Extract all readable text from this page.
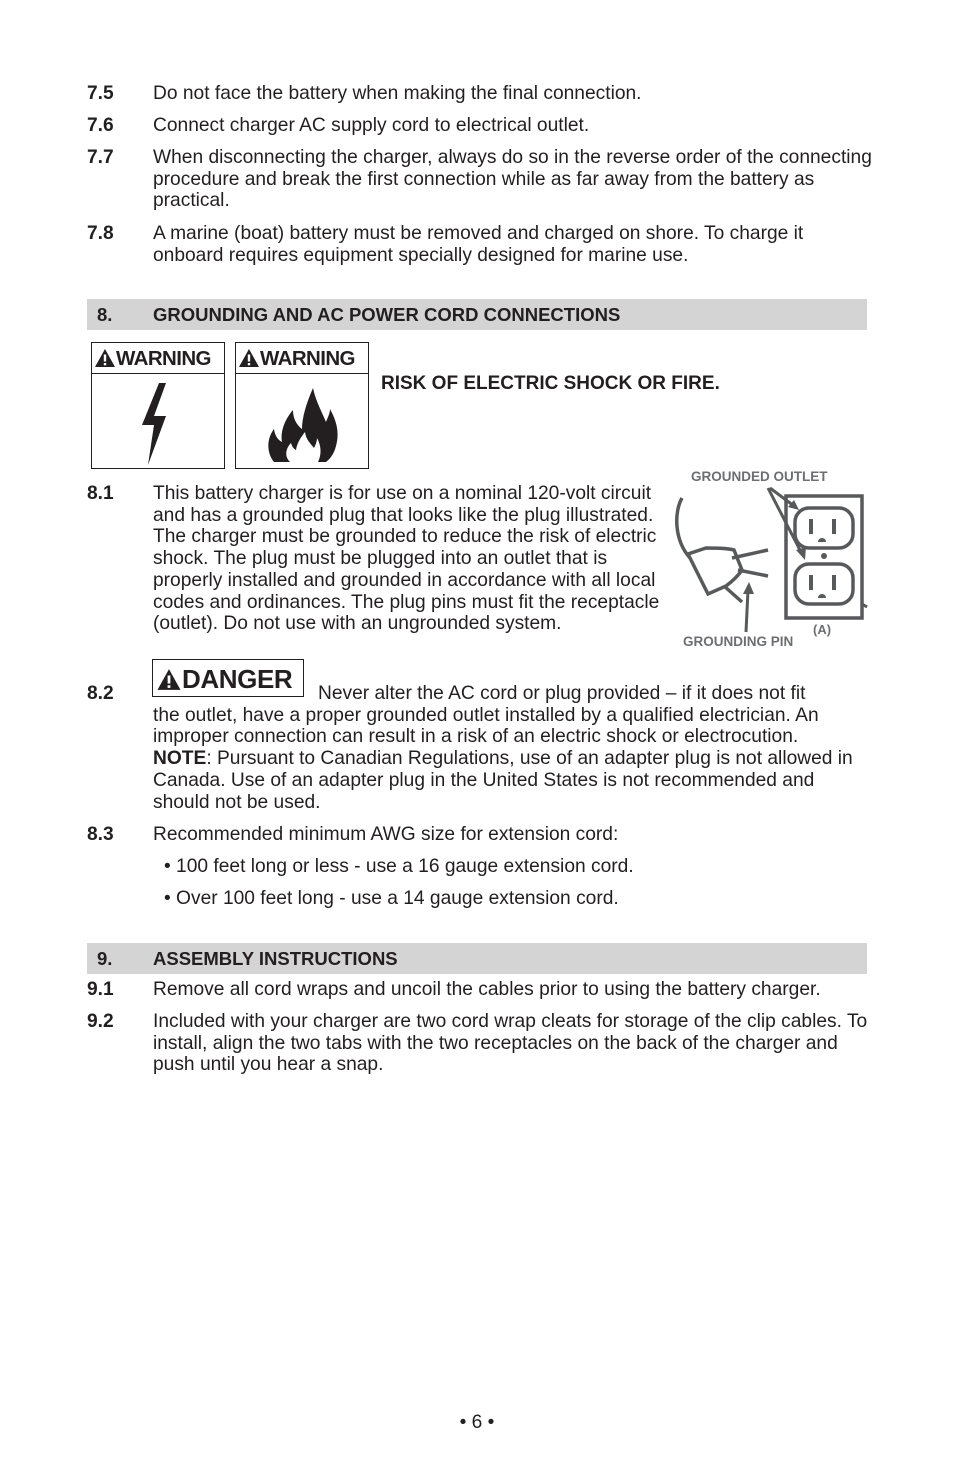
7.5 Do not face the battery when making the final connection.
7.6 Connect charger AC supply cord to electrical outlet.
7.7 When disconnecting the charger, always do so in the reverse order of the connecting procedure and break the first connection while as far away from the battery as practical.
7.8 A marine (boat) battery must be removed and charged on shore. To charge it onboard requires equipment specially designed for marine use.
8. GROUNDING AND AC POWER CORD CONNECTIONS
WARNING	WARNING
RISK OF ELECTRIC SHOCK OR FIRE.
8.1 This battery charger is for use on a nominal 120-volt circuit and has a grounded plug that looks like the plug illustrated. The charger must be grounded to reduce the risk of electric shock. The plug must be plugged into an outlet that is properly installed and grounded in accordance with all local codes and ordinances. The plug pins must fit the receptacle (outlet). Do not use with an ungrounded system.
GROUNDED OUTLET
GROUNDING PIN
(A)
DANGER
8.2	Never alter the AC cord or plug provided – if it does not fit
the outlet, have a proper grounded outlet installed by a qualified electrician. An improper connection can result in a risk of an electric shock or electrocution.
NOTE: Pursuant to Canadian Regulations, use of an adapter plug is not allowed in Canada. Use of an adapter plug in the United States is not recommended and should not be used.
8.3 Recommended minimum AWG size for extension cord:
• 100 feet long or less - use a 16 gauge extension cord.
• Over 100 feet long - use a 14 gauge extension cord.
9. ASSEMBLY INSTRUCTIONS
9.1 Remove all cord wraps and uncoil the cables prior to using the battery charger.
9.2 Included with your charger are two cord wrap cleats for storage of the clip cables. To install, align the two tabs with the two receptacles on the back of the charger and push until you hear a snap.
• 6 •
